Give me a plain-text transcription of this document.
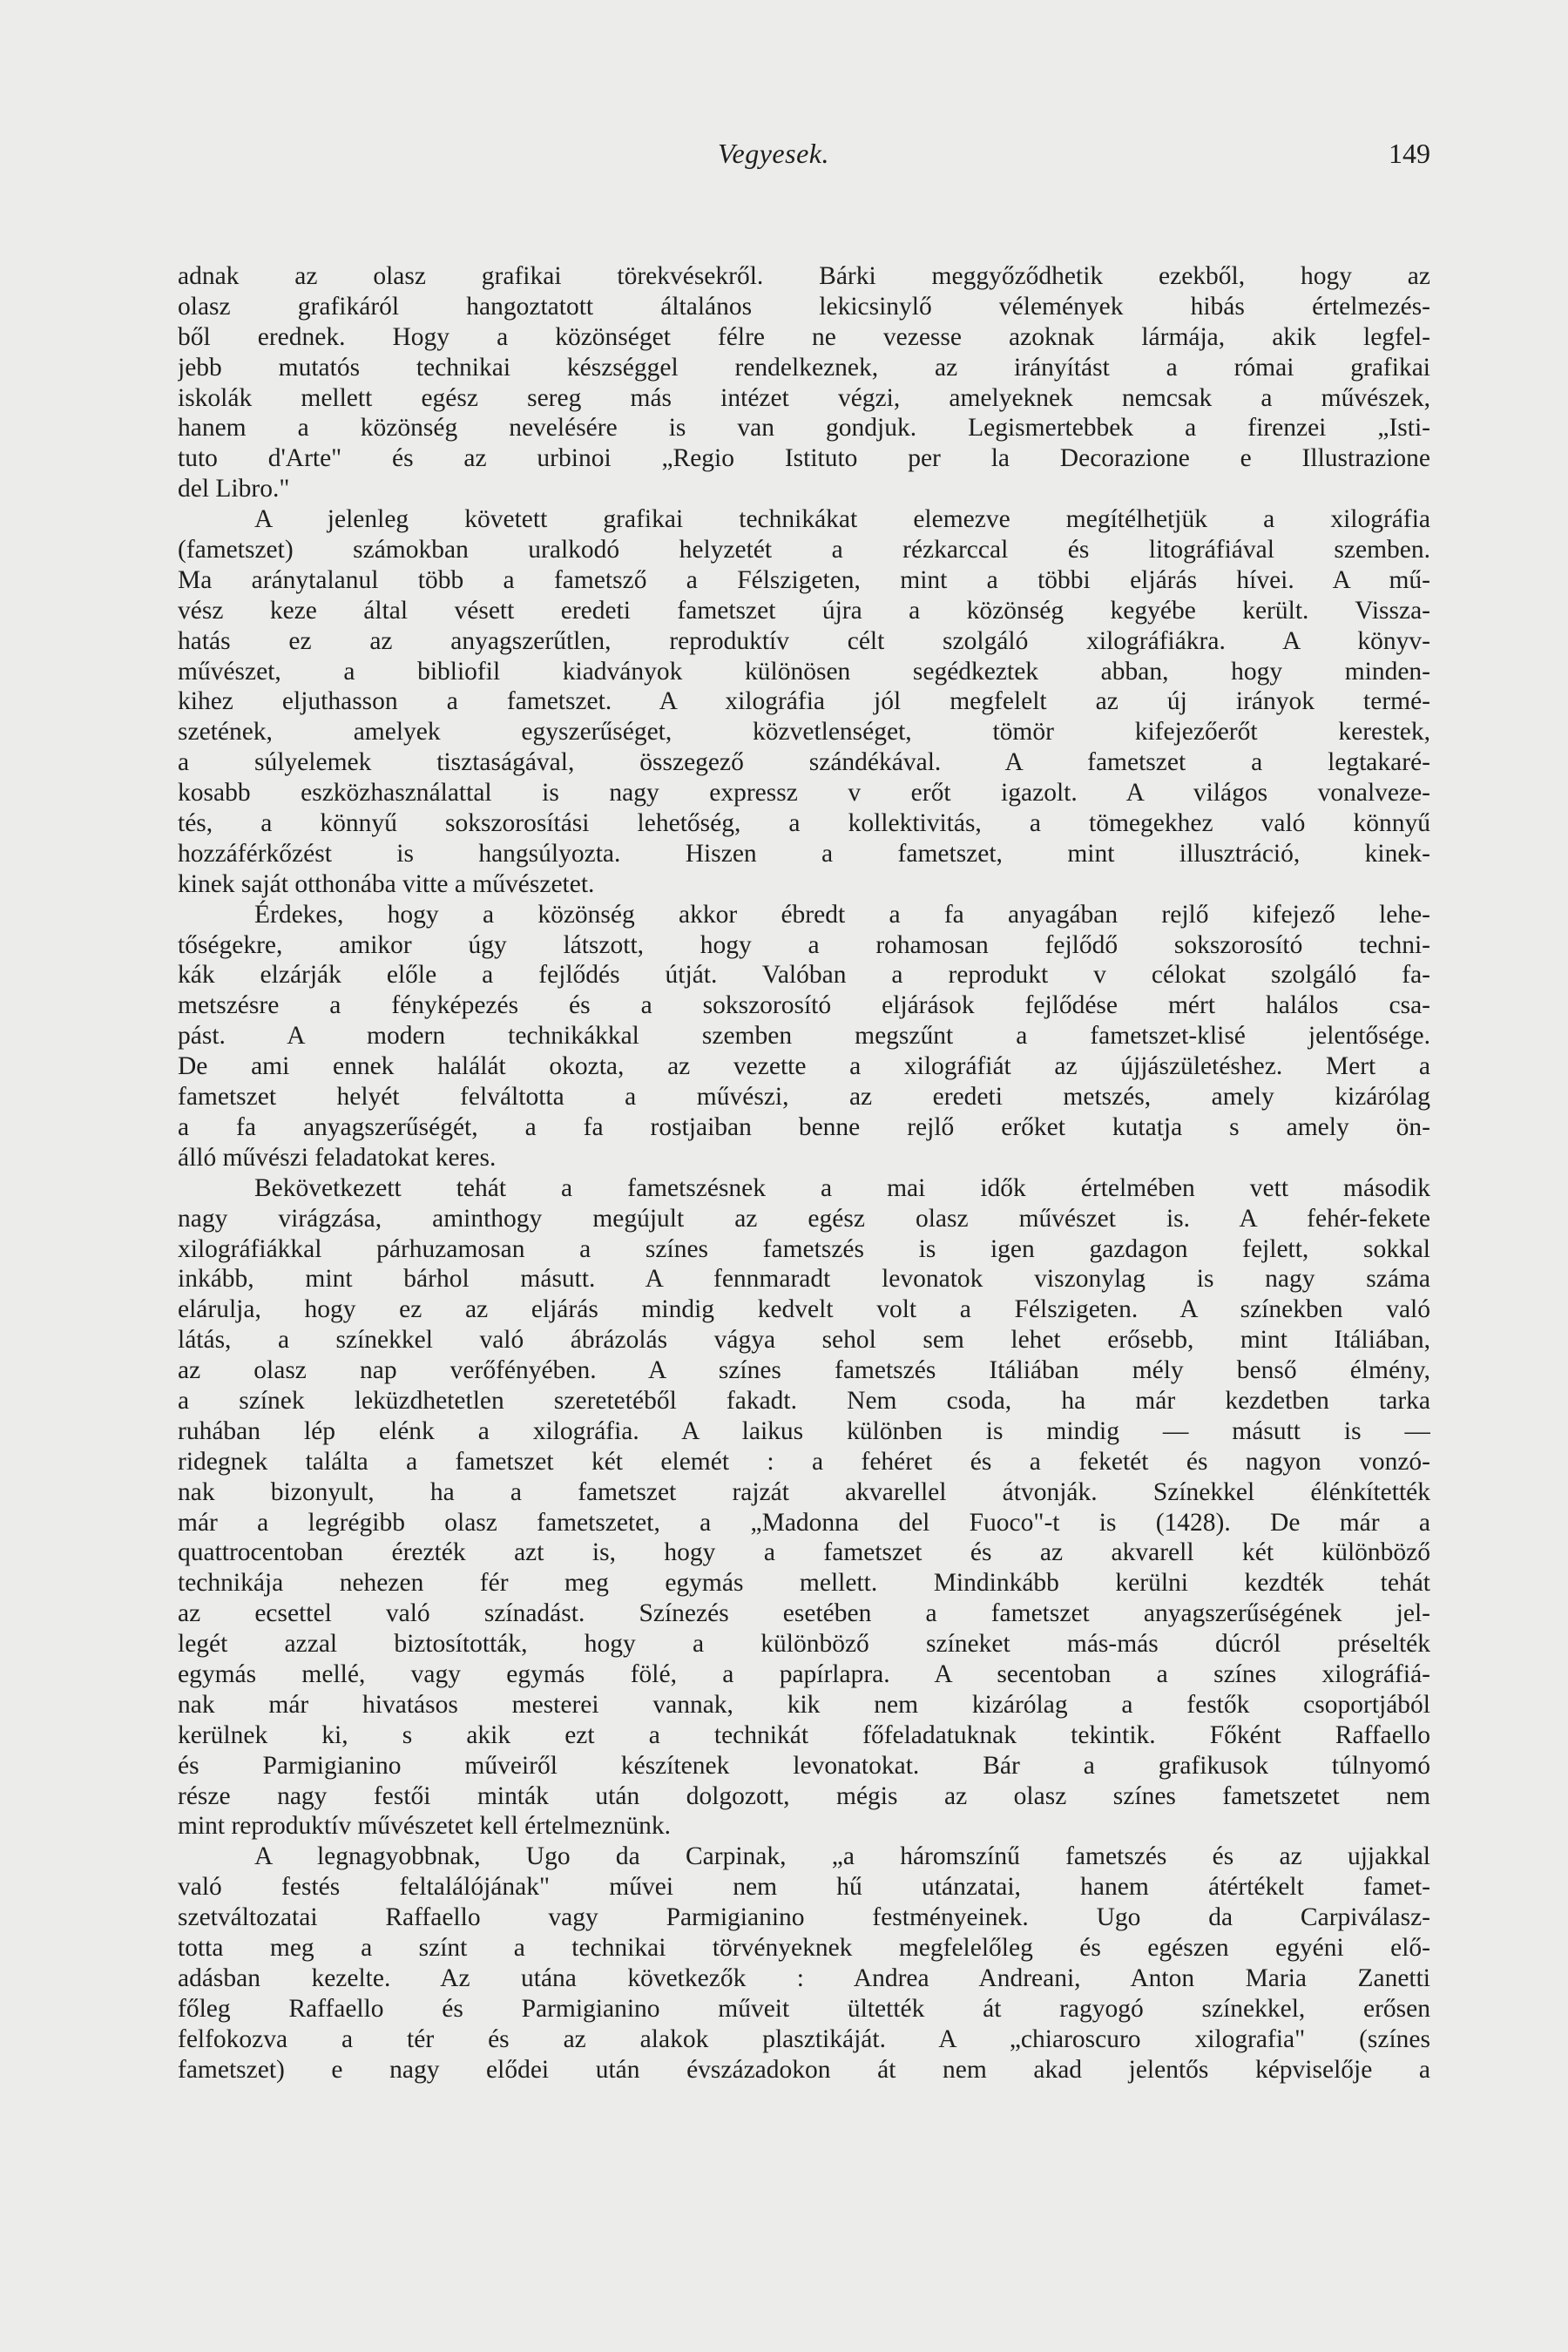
Vegyesek.	149
adnak az olasz grafikai törekvésekről. Bárki meggyőződhetik ezekből, hogy az
olasz grafikáról hangoztatott általános lekicsinylő vélemények hibás értelmezés-
ből erednek. Hogy a közönséget félre ne vezesse azoknak lármája, akik legfel-
jebb mutatós technikai készséggel rendelkeznek, az irányítást a római grafikai
iskolák mellett egész sereg más intézet végzi, amelyeknek nemcsak a művészek,
hanem a közönség nevelésére is van gondjuk. Legismertebbek a firenzei „Isti-
tuto d'Arte" és az urbinoi „Regio Istituto per la Decorazione e Illustrazione
del Libro."
A jelenleg követett grafikai technikákat elemezve megítélhetjük a xilográfia
(fametszet) számokban uralkodó helyzetét a rézkarccal és litográfiával szemben.
Ma aránytalanul több a fametsző a Félszigeten, mint a többi eljárás hívei. A mű-
vész keze által vésett eredeti fametszet újra a közönség kegyébe került. Vissza-
hatás ez az anyagszerűtlen, reproduktív célt szolgáló xilográfiákra. A könyv-
művészet, a bibliofil kiadványok különösen segédkeztek abban, hogy minden-
kihez eljuthasson a fametszet. A xilográfia jól megfelelt az új irányok termé-
szetének, amelyek egyszerűséget, közvetlenséget, tömör kifejezőerőt kerestek,
a súlyelemek tisztaságával, összegező szándékával. A fametszet a legtakaré-
kosabb eszközhasználattal is nagy expressz v erőt igazolt. A világos vonalveze-
tés, a könnyű sokszorosítási lehetőség, a kollektivitás, a tömegekhez való könnyű
hozzáférkőzést is hangsúlyozta. Hiszen a fametszet, mint illusztráció, kinek-
kinek saját otthonába vitte a művészetet.
Érdekes, hogy a közönség akkor ébredt a fa anyagában rejlő kifejező lehe-
tőségekre, amikor úgy látszott, hogy a rohamosan fejlődő sokszorosító techni-
kák elzárják előle a fejlődés útját. Valóban a reprodukt v célokat szolgáló fa-
metszésre a fényképezés és a sokszorosító eljárások fejlődése mért halálos csa-
pást. A modern technikákkal szemben megszűnt a fametszet-klisé jelentősége.
De ami ennek halálát okozta, az vezette a xilográfiát az újjászületéshez. Mert a
fametszet helyét felváltotta a művészi, az eredeti metszés, amely kizárólag
a fa anyagszerűségét, a fa rostjaiban benne rejlő erőket kutatja s amely ön-
álló művészi feladatokat keres.
Bekövetkezett tehát a fametszésnek a mai idők értelmében vett második
nagy virágzása, aminthogy megújult az egész olasz művészet is. A fehér-fekete
xilográfiákkal párhuzamosan a színes fametszés is igen gazdagon fejlett, sokkal
inkább, mint bárhol másutt. A fennmaradt levonatok viszonylag is nagy száma
elárulja, hogy ez az eljárás mindig kedvelt volt a Félszigeten. A színekben való
látás, a színekkel való ábrázolás vágya sehol sem lehet erősebb, mint Itáliában,
az olasz nap verőfényében. A színes fametszés Itáliában mély benső élmény,
a színek leküzdhetetlen szeretetéből fakadt. Nem csoda, ha már kezdetben tarka
ruhában lép elénk a xilográfia. A laikus különben is mindig — másutt is —
ridegnek találta a fametszet két elemét : a fehéret és a feketét és nagyon vonzó-
nak bizonyult, ha a fametszet rajzát akvarellel átvonják. Színekkel élénkítették
már a legrégibb olasz fametszetet, a „Madonna del Fuoco"-t is (1428). De már a
quattrocentoban érezték azt is, hogy a fametszet és az akvarell két különböző
technikája nehezen fér meg egymás mellett. Mindinkább kerülni kezdték tehát
az ecsettel való színadást. Színezés esetében a fametszet anyagszerűségének jel-
legét azzal biztosították, hogy a különböző színeket más-más dúcról préselték
egymás mellé, vagy egymás fölé, a papírlapra. A secentoban a színes xilográfiá-
nak már hivatásos mesterei vannak, kik nem kizárólag a festők csoportjából
kerülnek ki, s akik ezt a technikát főfeladatuknak tekintik. Főként Raffaello
és Parmigianino műveiről készítenek levonatokat. Bár a grafikusok túlnyomó
része nagy festői minták után dolgozott, mégis az olasz színes fametszetet nem
mint reproduktív művészetet kell értelmeznünk.
A legnagyobbnak, Ugo da Carpinak, „a háromszínű fametszés és az ujjakkal
való festés feltalálójának" művei nem hű utánzatai, hanem átértékelt famet-
szetváltozatai Raffaello vagy Parmigianino festményeinek. Ugo da Carpiválasz-
totta meg a színt a technikai törvényeknek megfelelőleg és egészen egyéni elő-
adásban kezelte. Az utána következők : Andrea Andreani, Anton Maria Zanetti
főleg Raffaello és Parmigianino műveit ültették át ragyogó színekkel, erősen
felfokozva a tér és az alakok plasztikáját. A „chiaroscuro xilografia" (színes
fametszet) e nagy elődei után évszázadokon át nem akad jelentős képviselője a
